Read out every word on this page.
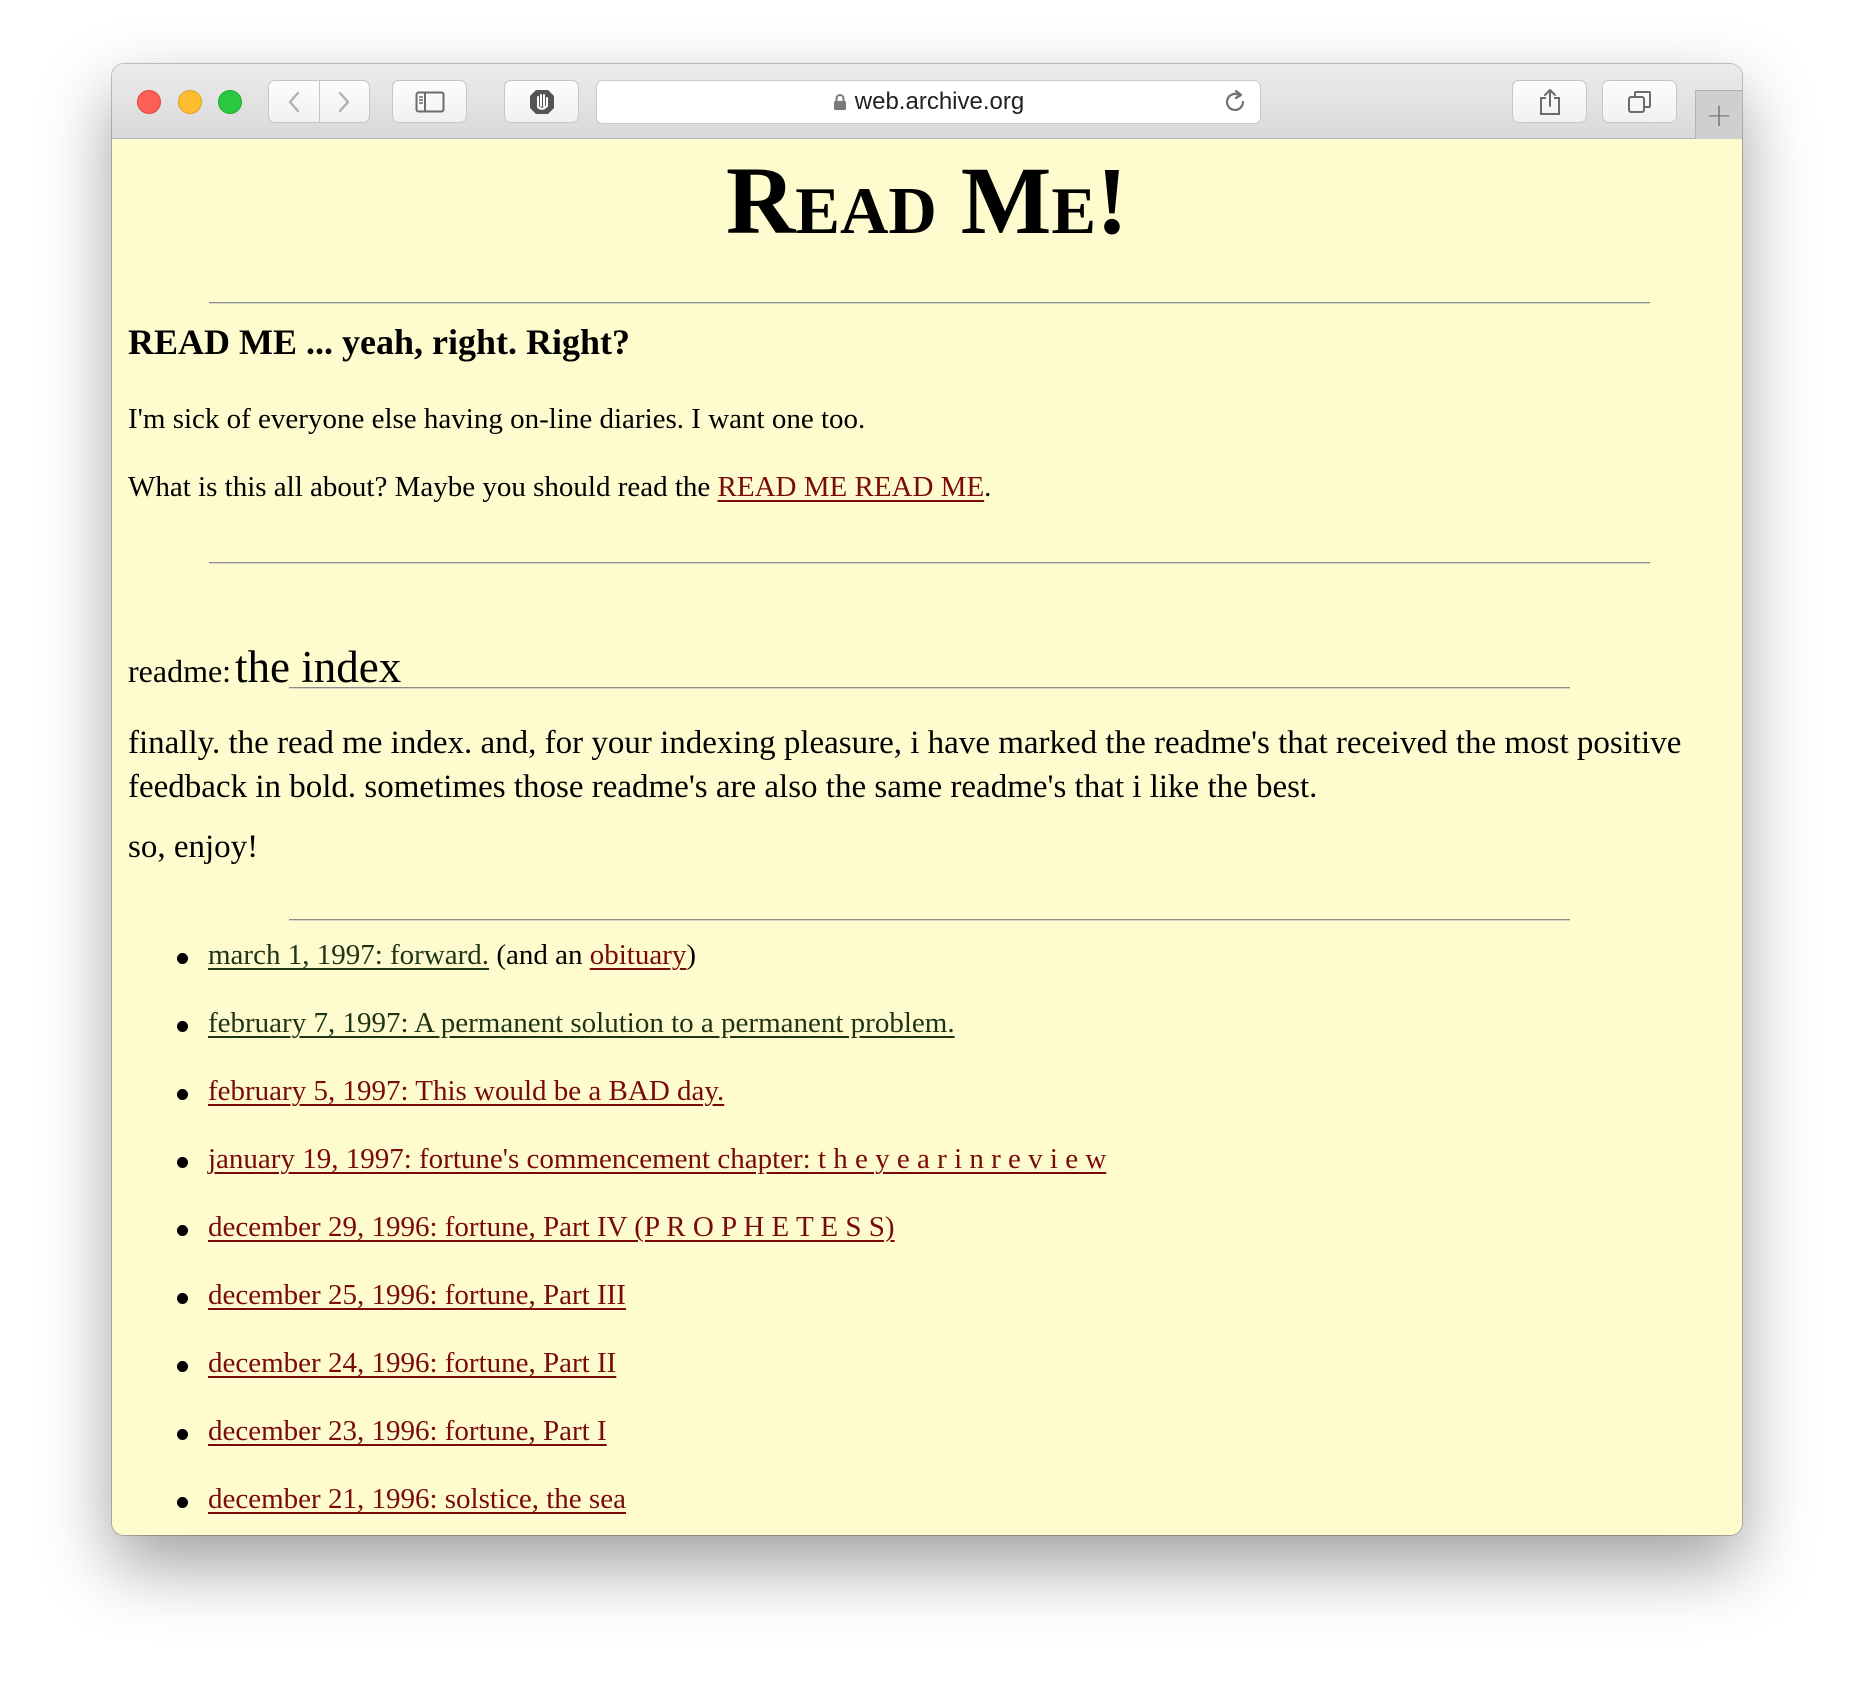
web.archive.org	+
Read Me!
READ ME ... yeah, right. Right?

I'm sick of everyone else having on-line diaries. I want one too.

What is this all about? Maybe you should read the READ ME READ ME.

readme: the index

finally. the read me index. and, for your indexing pleasure, i have marked the readme's that received the most positive feedback in bold. sometimes those readme's are also the same readme's that i like the best.

so, enjoy!

march 1, 1997: forward. (and an obituary)
february 7, 1997: A permanent solution to a permanent problem.
february 5, 1997: This would be a BAD day.
january 19, 1997: fortune's commencement chapter: t h e y e a r i n r e v i e w
december 29, 1996: fortune, Part IV (P R O P H E T E S S)
december 25, 1996: fortune, Part III
december 24, 1996: fortune, Part II
december 23, 1996: fortune, Part I
december 21, 1996: solstice, the sea
